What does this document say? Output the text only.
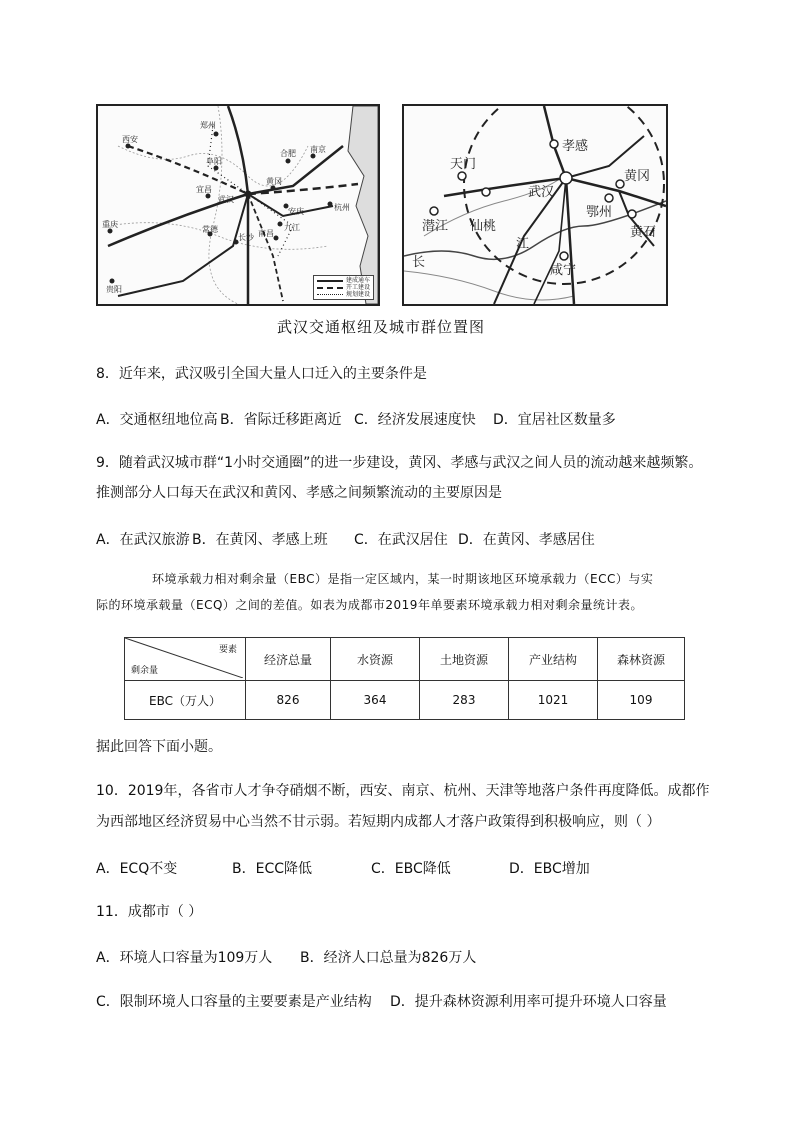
郑州
西安
合肥 南京
黄冈
阜阳
宜昌
武汉
安庆	杭州
九江
重庆
常德
长沙 南昌
贵阳
建成通车
开工建设
规划建设
孝感
天门
武汉
鄂州
黄冈
潜江 仙桃	黄石
咸宁
江
长
武汉交通枢纽及城市群位置图
8．近年来，武汉吸引全国大量人口迁入的主要条件是
A．交通枢纽地位高 B．省际迁移距离近 C．经济发展速度快 D．宜居社区数量多
9．随着武汉城市群“1小时交通圈”的进一步建设，黄冈、孝感与武汉之间人员的流动越来越频繁。
推测部分人口每天在武汉和黄冈、孝感之间频繁流动的主要原因是
A．在武汉旅游 B．在黄冈、孝感上班 C．在武汉居住 D．在黄冈、孝感居住
环境承载力相对剩余量（EBC）是指一定区域内，某一时期该地区环境承载力（ECC）与实
际的环境承载量（ECQ）之间的差值。如表为成都市2019年单要素环境承载力相对剩余量统计表。
要素
剩余量	经济总量	水资源	土地资源	产业结构	森林资源
EBC（万人）	826	364	283	1021	109
据此回答下面小题。
10．2019年，各省市人才争夺硝烟不断，西安、南京、杭州、天津等地落户条件再度降低。成都作
为西部地区经济贸易中心当然不甘示弱。若短期内成都人才落户政策得到积极响应，则（ ）
A．ECQ不变	B．ECC降低	C．EBC降低	D．EBC增加
11．成都市（ ）
A．环境人口容量为109万人 B．经济人口总量为826万人
C．限制环境人口容量的主要要素是产业结构 D．提升森林资源利用率可提升环境人口容量
